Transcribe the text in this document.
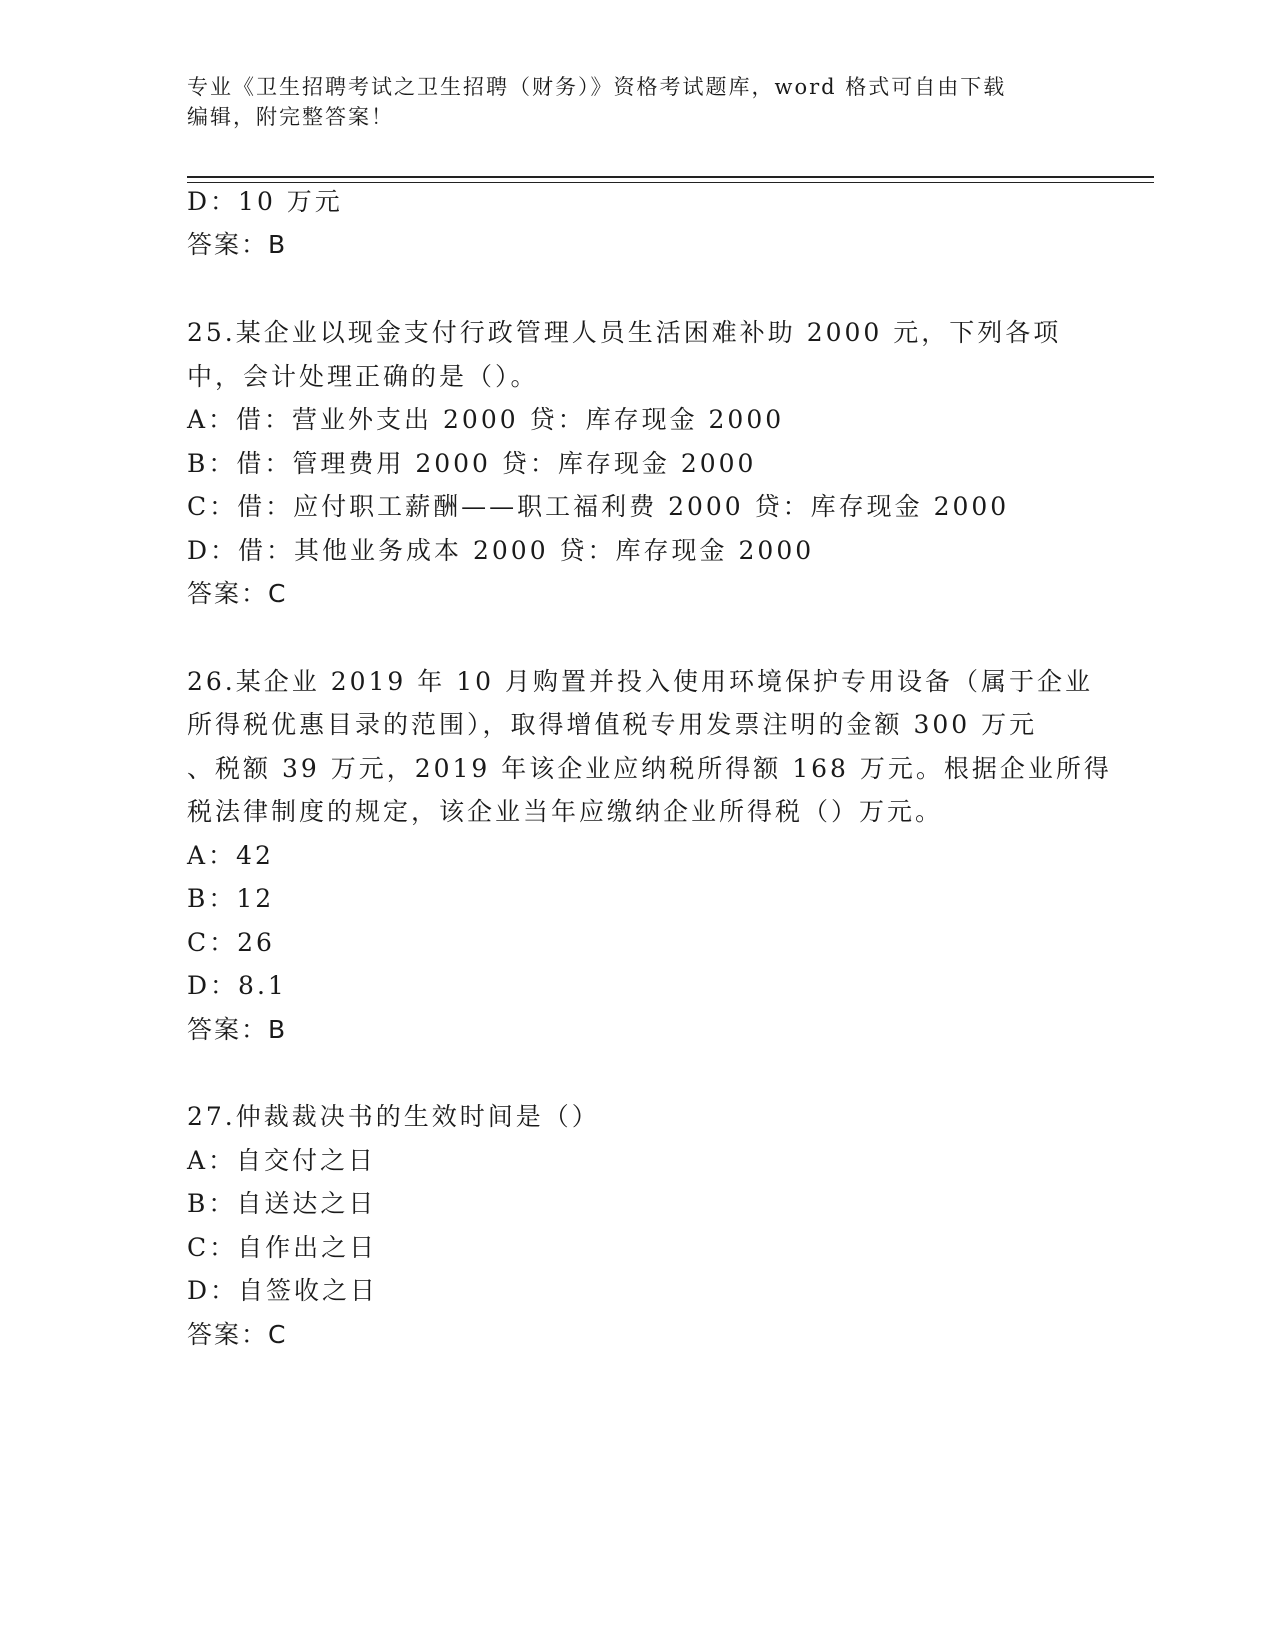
专业《卫生招聘考试之卫生招聘（财务）》资格考试题库，word 格式可自由下载
编辑，附完整答案！
D：10 万元
答案：B
25.某企业以现金支付行政管理人员生活困难补助 2000 元，下列各项
中，会计处理正确的是（）。
A：借：营业外支出 2000 贷：库存现金 2000
B：借：管理费用 2000 贷：库存现金 2000
C：借：应付职工薪酬——职工福利费 2000 贷：库存现金 2000
D：借：其他业务成本 2000 贷：库存现金 2000
答案：C
26.某企业 2019 年 10 月购置并投入使用环境保护专用设备（属于企业
所得税优惠目录的范围），取得增值税专用发票注明的金额 300 万元
、税额 39 万元，2019 年该企业应纳税所得额 168 万元。根据企业所得
税法律制度的规定，该企业当年应缴纳企业所得税（）万元。
A：42
B：12
C：26
D：8.1
答案：B
27.仲裁裁决书的生效时间是（）
A：自交付之日
B：自送达之日
C：自作出之日
D：自签收之日
答案：C
